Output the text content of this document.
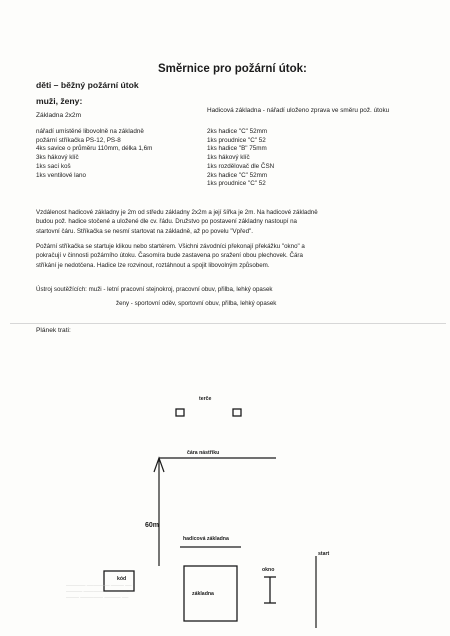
Směrnice pro požární útok:
děti – běžný požární útok
muži, ženy:
Základna 2x2m
Hadicová základna - nářadí uloženo zprava ve směru pož. útoku
nářadí umístěné libovolně na základně
požární stříkačka PS-12, PS-8
4ks savice o průměru 110mm, délka 1,6m
3ks hákový klíč
1ks sací koš
1ks ventilové lano
2ks hadice "C" 52mm
1ks proudnice "C" 52
1ks hadice "B" 75mm
1ks hákový klíč
1ks rozdělovač dle ČSN
2ks hadice "C" 52mm
1ks proudnice "C" 52
Vzdálenost hadicové základny je 2m od středu základny 2x2m a její šířka je 2m. Na hadicové základně
budou pož. hadice stočené a uložené dle cv. řádu. Družstvo po postavení základny nastoupí na
startovní čáru. Stříkačka se nesmí startovat na základně, až po povelu "Vpřed".
Požární stříkačka se startuje klikou nebo startérem. Všichni závodníci překonají překážku "okno" a
pokračují v činnosti požárního útoku. Časomíra bude zastavena po sražení obou plechovek. Čára
stříkání je nedotčena. Hadice lze rozvinout, roztáhnout a spojit libovolným způsobem.
Ústroj soutěžících: muži - letní pracovní stejnokroj, pracovní obuv, přilba, lehký opasek
ženy - sportovní oděv, sportovní obuv, přilba, lehký opasek
Plánek trati:
terče
čára nástřiku
60m
hadicová základna
základna
okno
start
kód
────── ─────── ──── ──
───── ────── ─────── ──
──── ─────── ───── ──
